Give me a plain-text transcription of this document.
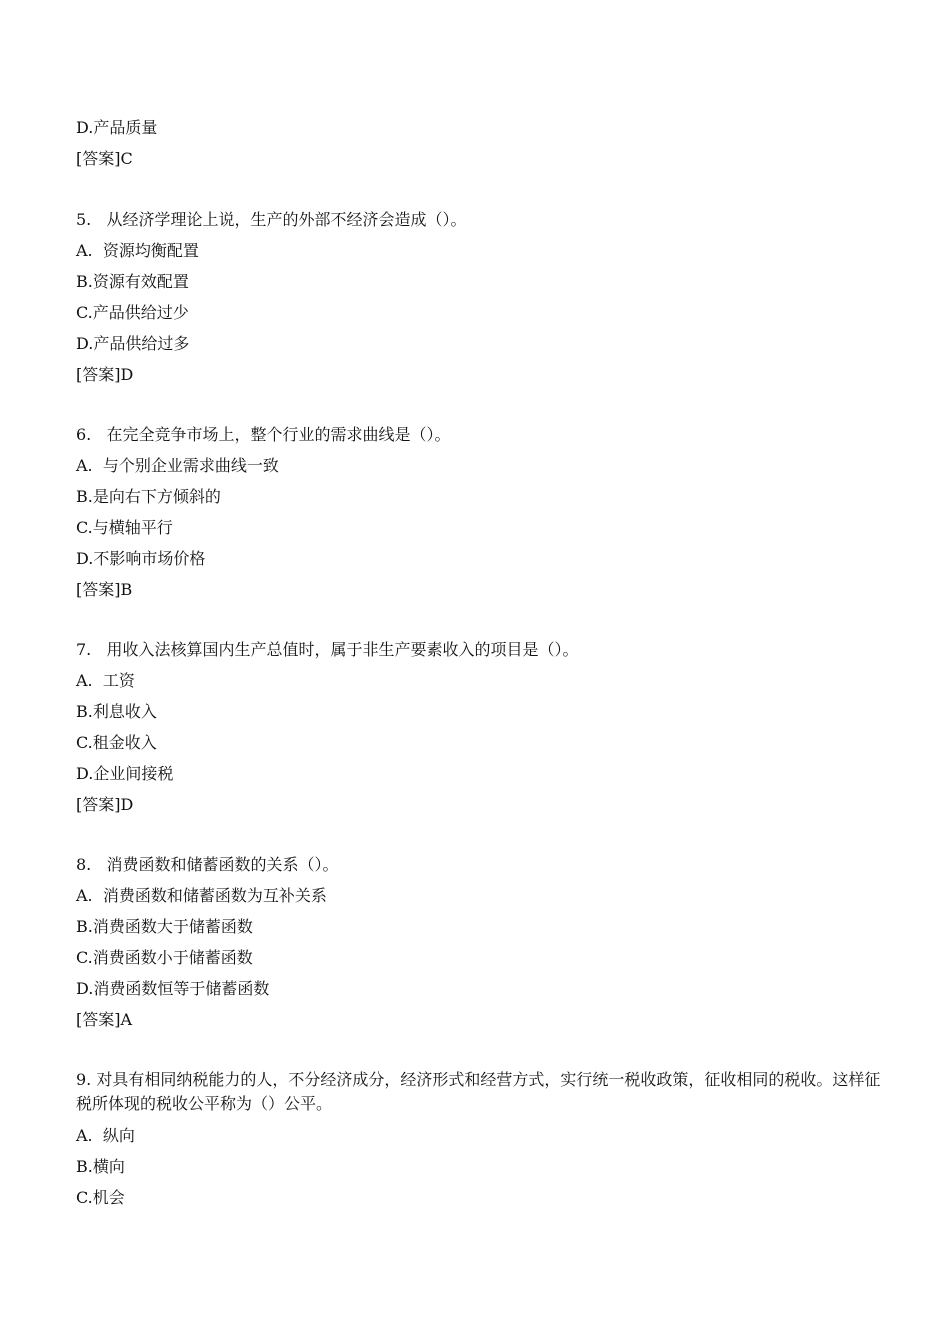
D.产品质量
[答案]C
5.   从经济学理论上说，生产的外部不经济会造成（）。
A.  资源均衡配置
B.资源有效配置
C.产品供给过少
D.产品供给过多
[答案]D
6.   在完全竞争市场上，整个行业的需求曲线是（）。
A.  与个别企业需求曲线一致
B.是向右下方倾斜的
C.与横轴平行
D.不影响市场价格
[答案]B
7.   用收入法核算国内生产总值时，属于非生产要素收入的项目是（）。
A.  工资
B.利息收入
C.租金收入
D.企业间接税
[答案]D
8.   消费函数和储蓄函数的关系（）。
A.  消费函数和储蓄函数为互补关系
B.消费函数大于储蓄函数
C.消费函数小于储蓄函数
D.消费函数恒等于储蓄函数
[答案]A
9. 对具有相同纳税能力的人，不分经济成分，经济形式和经营方式，实行统一税收政策，征收相同的税收。这样征税所体现的税收公平称为（）公平。
A.  纵向
B.横向
C.机会
